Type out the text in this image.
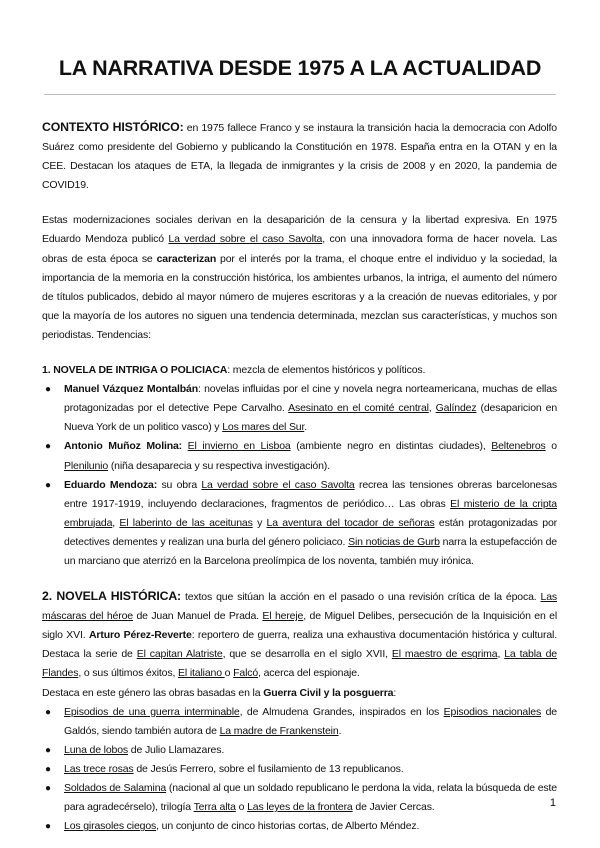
LA NARRATIVA DESDE 1975 A LA ACTUALIDAD

CONTEXTO HISTÓRICO: en 1975 fallece Franco y se instaura la transición hacia la democracia con Adolfo Suárez como presidente del Gobierno y publicando la Constitución en 1978. España entra en la OTAN y en la CEE. Destacan los ataques de ETA, la llegada de inmigrantes y la crisis de 2008 y en 2020, la pandemia de COVID19.

Estas modernizaciones sociales derivan en la desaparición de la censura y la libertad expresiva. En 1975 Eduardo Mendoza publicó La verdad sobre el caso Savolta, con una innovadora forma de hacer novela. Las obras de esta época se caracterizan por el interés por la trama, el choque entre el individuo y la sociedad, la importancia de la memoria en la construcción histórica, los ambientes urbanos, la intriga, el aumento del número de títulos publicados, debido al mayor número de mujeres escritoras y a la creación de nuevas editoriales, y por que la mayoría de los autores no siguen una tendencia determinada, mezclan sus características, y muchos son periodistas. Tendencias:

1. NOVELA DE INTRIGA O POLICIACA: mezcla de elementos históricos y políticos.

● Manuel Vázquez Montalbán: novelas influidas por el cine y novela negra norteamericana, muchas de ellas protagonizadas por el detective Pepe Carvalho. Asesinato en el comité central, Galíndez (desaparicion en Nueva York de un politico vasco) y Los mares del Sur.
● Antonio Muñoz Molina: El invierno en Lisboa (ambiente negro en distintas ciudades), Beltenebros o Plenilunio (niña desaparecia y su respectiva investigación).
● Eduardo Mendoza: su obra La verdad sobre el caso Savolta recrea las tensiones obreras barcelonesas entre 1917-1919, incluyendo declaraciones, fragmentos de periódico… Las obras El misterio de la cripta embrujada, El laberinto de las aceitunas y La aventura del tocador de señoras están protagonizadas por detectives dementes y realizan una burla del género policiaco. Sin noticias de Gurb narra la estupefacción de un marciano que aterrizó en la Barcelona preolímpica de los noventa, también muy irónica.

2. NOVELA HISTÓRICA: textos que sitúan la acción en el pasado o una revisión crítica de la época. Las máscaras del héroe de Juan Manuel de Prada. El hereje, de Miguel Delibes, persecución de la Inquisición en el siglo XVI. Arturo Pérez-Reverte: reportero de guerra, realiza una exhaustiva documentación histórica y cultural. Destaca la serie de El capitan Alatriste, que se desarrolla en el siglo XVII, El maestro de esgrima, La tabla de Flandes, o sus últimos éxitos, El italiano o Falcó, acerca del espionaje.

Destaca en este género las obras basadas en la Guerra Civil y la posguerra:

● Episodios de una guerra interminable, de Almudena Grandes, inspirados en los Episodios nacionales de Galdós, siendo también autora de La madre de Frankenstein.
● Luna de lobos de Julio Llamazares.
● Las trece rosas de Jesús Ferrero, sobre el fusilamiento de 13 republicanos.
● Soldados de Salamina (nacional al que un soldado republicano le perdona la vida, relata la búsqueda de este para agradecérselo), trilogía Terra alta o Las leyes de la frontera de Javier Cercas.
● Los girasoles ciegos, un conjunto de cinco historias cortas, de Alberto Méndez.
1
